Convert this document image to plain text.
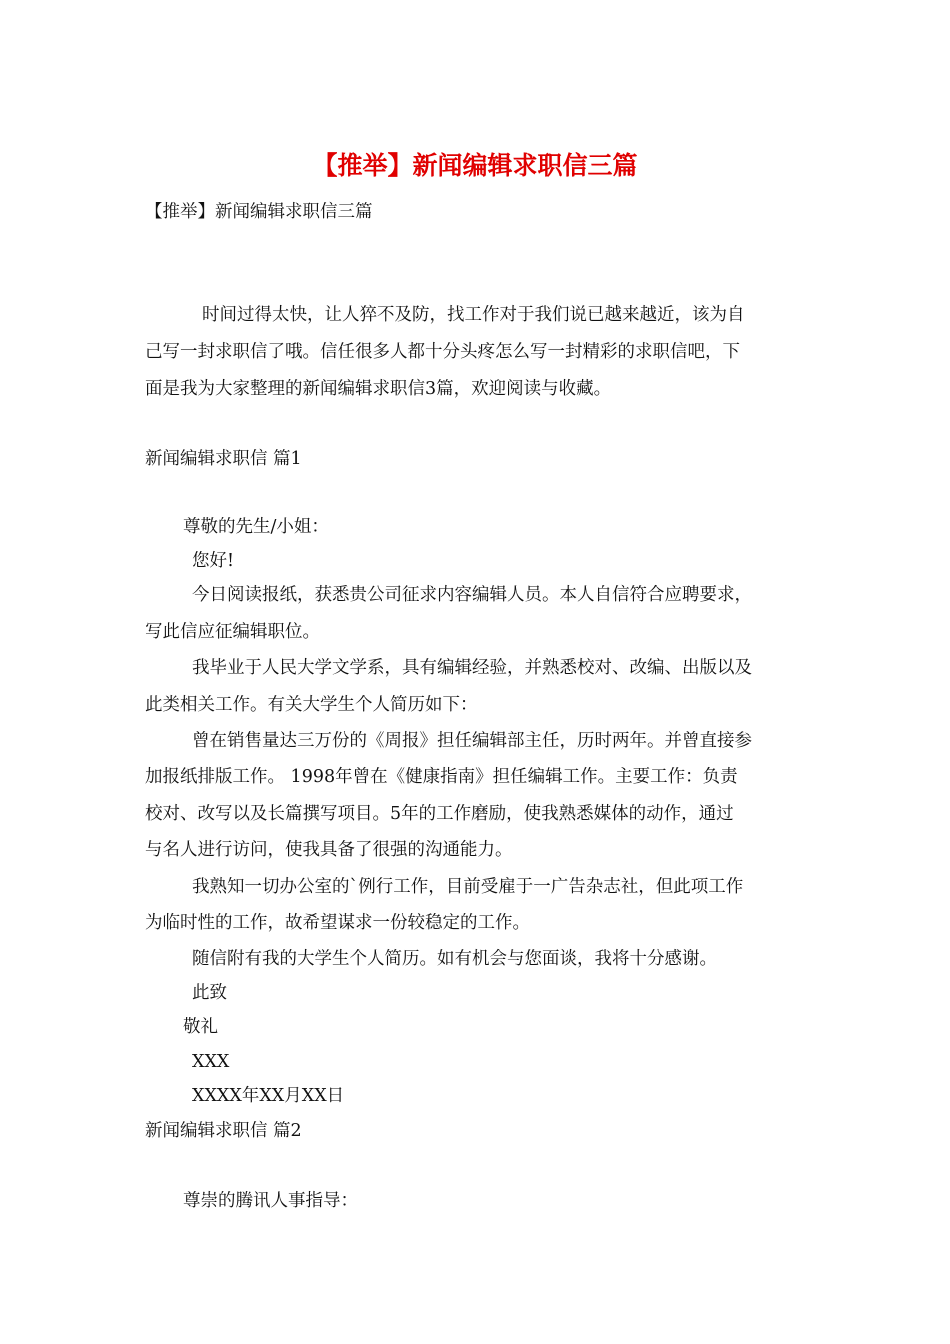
【推举】新闻编辑求职信三篇
【推举】新闻编辑求职信三篇
时间过得太快，让人猝不及防，找工作对于我们说已越来越近，该为自
己写一封求职信了哦。信任很多人都十分头疼怎么写一封精彩的求职信吧，下
面是我为大家整理的新闻编辑求职信3篇，欢迎阅读与收藏。
新闻编辑求职信 篇1
尊敬的先生/小姐：
您好!
今日阅读报纸，获悉贵公司征求内容编辑人员。本人自信符合应聘要求，
写此信应征编辑职位。
我毕业于人民大学文学系，具有编辑经验，并熟悉校对、改编、出版以及
此类相关工作。有关大学生个人简历如下：
曾在销售量达三万份的《周报》担任编辑部主任，历时两年。并曾直接参
加报纸排版工作。 1998年曾在《健康指南》担任编辑工作。主要工作：负责
校对、改写以及长篇撰写项目。5年的工作磨励，使我熟悉媒体的动作，通过
与名人进行访问，使我具备了很强的沟通能力。
我熟知一切办公室的`例行工作，目前受雇于一广告杂志社，但此项工作
为临时性的工作，故希望谋求一份较稳定的工作。
随信附有我的大学生个人简历。如有机会与您面谈，我将十分感谢。
此致
敬礼
XXX
XXXX年XX月XX日
新闻编辑求职信 篇2
尊崇的腾讯人事指导：
